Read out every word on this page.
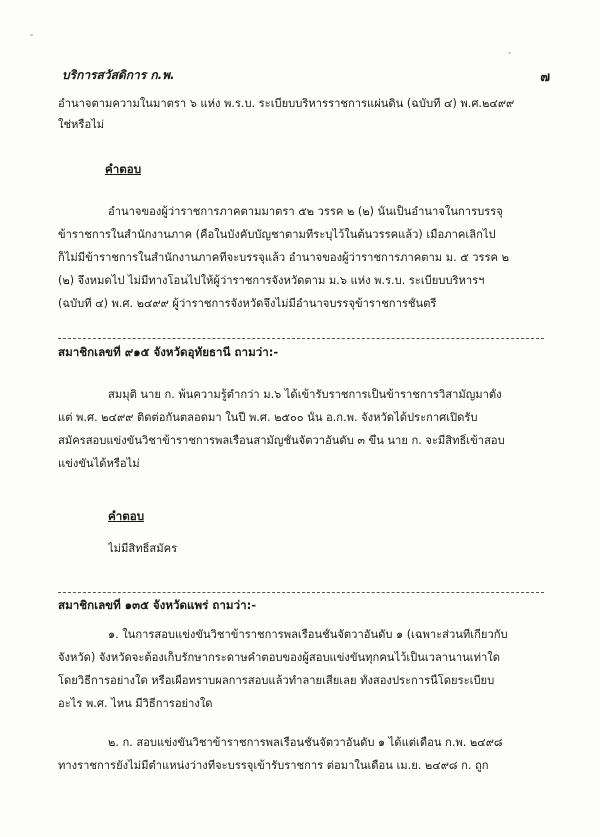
บริการสวัสดิการ ก.พ.	๗
อำนาจตามความในมาตรา ๖ แห่ง พ.ร.บ. ระเบียบบริหารราชการแผ่นดิน (ฉบับที่ ๔) พ.ศ.๒๔๙๙
ใช่หรือไม่
คำตอบ
อำนาจของผู้ว่าราชการภาคตามมาตรา ๕๒ วรรค ๒ (๒) นั้นเป็นอำนาจในการบรรจุ
ข้าราชการในสำนักงานภาค (คือในบังคับบัญชาตามที่ระบุไว้ในต้นวรรคแล้ว) เมื่อภาคเลิกไป
ก็ไม่มีข้าราชการในสำนักงานภาคที่จะบรรจุแล้ว อำนาจของผู้ว่าราชการภาคตาม ม. ๕ วรรค ๒
(๒) จึงหมดไป ไม่มีทางโอนไปให้ผู้ว่าราชการจังหวัดตาม ม.๖ แห่ง พ.ร.บ. ระเบียบบริหารฯ
(ฉบับที่ ๔) พ.ศ. ๒๔๙๙ ผู้ว่าราชการจังหวัดจึงไม่มีอำนาจบรรจุข้าราชการชั้นตรี
สมาชิกเลขที่ ๙๑๕ จังหวัดอุทัยธานี ถามว่า:-
สมมุติ นาย ก. พ้นความรู้ต่ำกว่า ม.๖ ได้เข้ารับราชการเป็นข้าราชการวิสามัญมาตั้ง
แต่ พ.ศ. ๒๔๙๙ ติดต่อกันตลอดมา ในปี พ.ศ. ๒๕๐๐ นั้น อ.ก.พ. จังหวัดได้ประกาศเปิดรับ
สมัครสอบแข่งขันวิชาข้าราชการพลเรือนสามัญชั้นจัตวาอันดับ ๓ ขึ้น นาย ก. จะมีสิทธิ์เข้าสอบ
แข่งขันได้หรือไม่
คำตอบ
ไม่มีสิทธิ์สมัคร
สมาชิกเลขที่ ๑๓๕ จังหวัดแพร่ ถามว่า:-
๑. ในการสอบแข่งขันวิชาข้าราชการพลเรือนชั้นจัตวาอันดับ ๑ (เฉพาะส่วนที่เกี่ยวกับ
จังหวัด) จังหวัดจะต้องเก็บรักษากระดาษคำตอบของผู้สอบแข่งขันทุกคนไว้เป็นเวลานานเท่าใด
โดยวิธีการอย่างใด หรือเผื่อทราบผลการสอบแล้วทำลายเสียเลย ทั้งสองประการนี้โดยระเบียบ
อะไร พ.ศ. ไหน มีวิธีการอย่างใด
๒. ก. สอบแข่งขันวิชาข้าราชการพลเรือนชั้นจัตวาอันดับ ๑ ได้แต่เดือน ก.พ. ๒๔๙๘
ทางราชการยังไม่มีตำแหน่งว่างที่จะบรรจุเข้ารับราชการ ต่อมาในเดือน เม.ย. ๒๔๙๘ ก. ถูก
